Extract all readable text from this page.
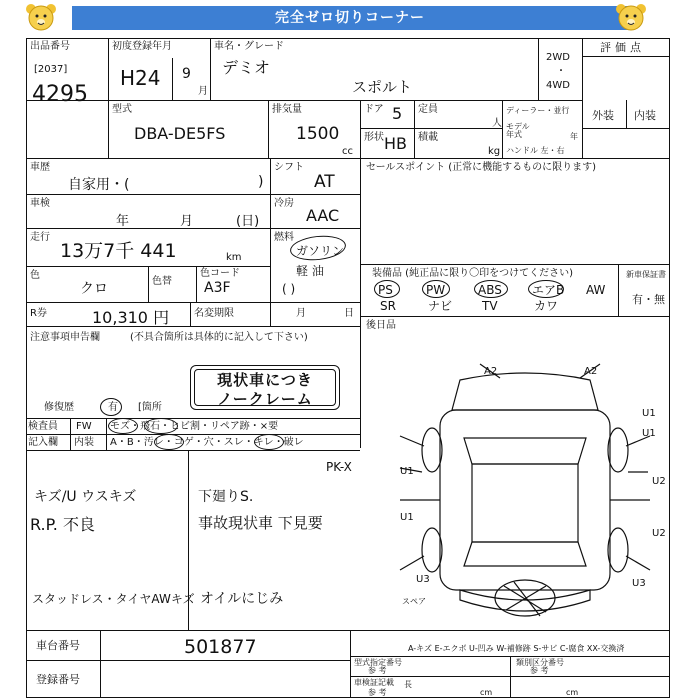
完全ゼロ切りコーナー
出品番号
[2037]
4295
初度登録年月
H24 9
月
車名・グレード
デミオ
スポルト
2WD
・
4WD
評価点
型式
DBA-DE5FS
排気量
1500
cc
ドア 5
形状 HB
定員
人
積載
kg
ディーラー・並行
モデル
年式	年
ハンドル 左・右
外装 内装
車歴
自家用・(	)
シフト
AT
車検
年	月	(日)
冷房
AAC
走行
13万7千 441	km
燃料
ガソリン
軽 油
( )
色
クロ	色替
色コード
A3F
R券	10,310 円 名変期限	月	日
セールスポイント (正常に機能するものに限ります)
装備品 (純正品に限り〇印をつけてください)	新車保証書
有・無
PS	PW	ABS	エアB AW
SR	ナビ TV	カワ
後日品
注意事項申告欄	(不具合箇所は具体的に記入して下さい)
現状車につき
ノークレーム
修復歴	有 [箇所
検査員
記入欄
FW
内装
モズ・飛石・ヒビ割・リペア跡・×要
A・B・汚レ・コゲ・穴・スレ・キレ・破レ
PK-X
キズ/U ウスキズ	下廻りS.
R.P. 不良	事故現状車 下見要
スタッドレス・タイヤAWキズ オイルにじみ
A2	A2
U1
U1
U2
U2
U3	U3
U1
U1
スペア
車台番号	501877
登録番号
A-キズ E-エクボ U-凹み W-補修跡 S-サビ C-腐食 XX-交換済
型式指定番号
参 考
車検証記載
参 考
長
cm
類別区分番号
参 考
cm
